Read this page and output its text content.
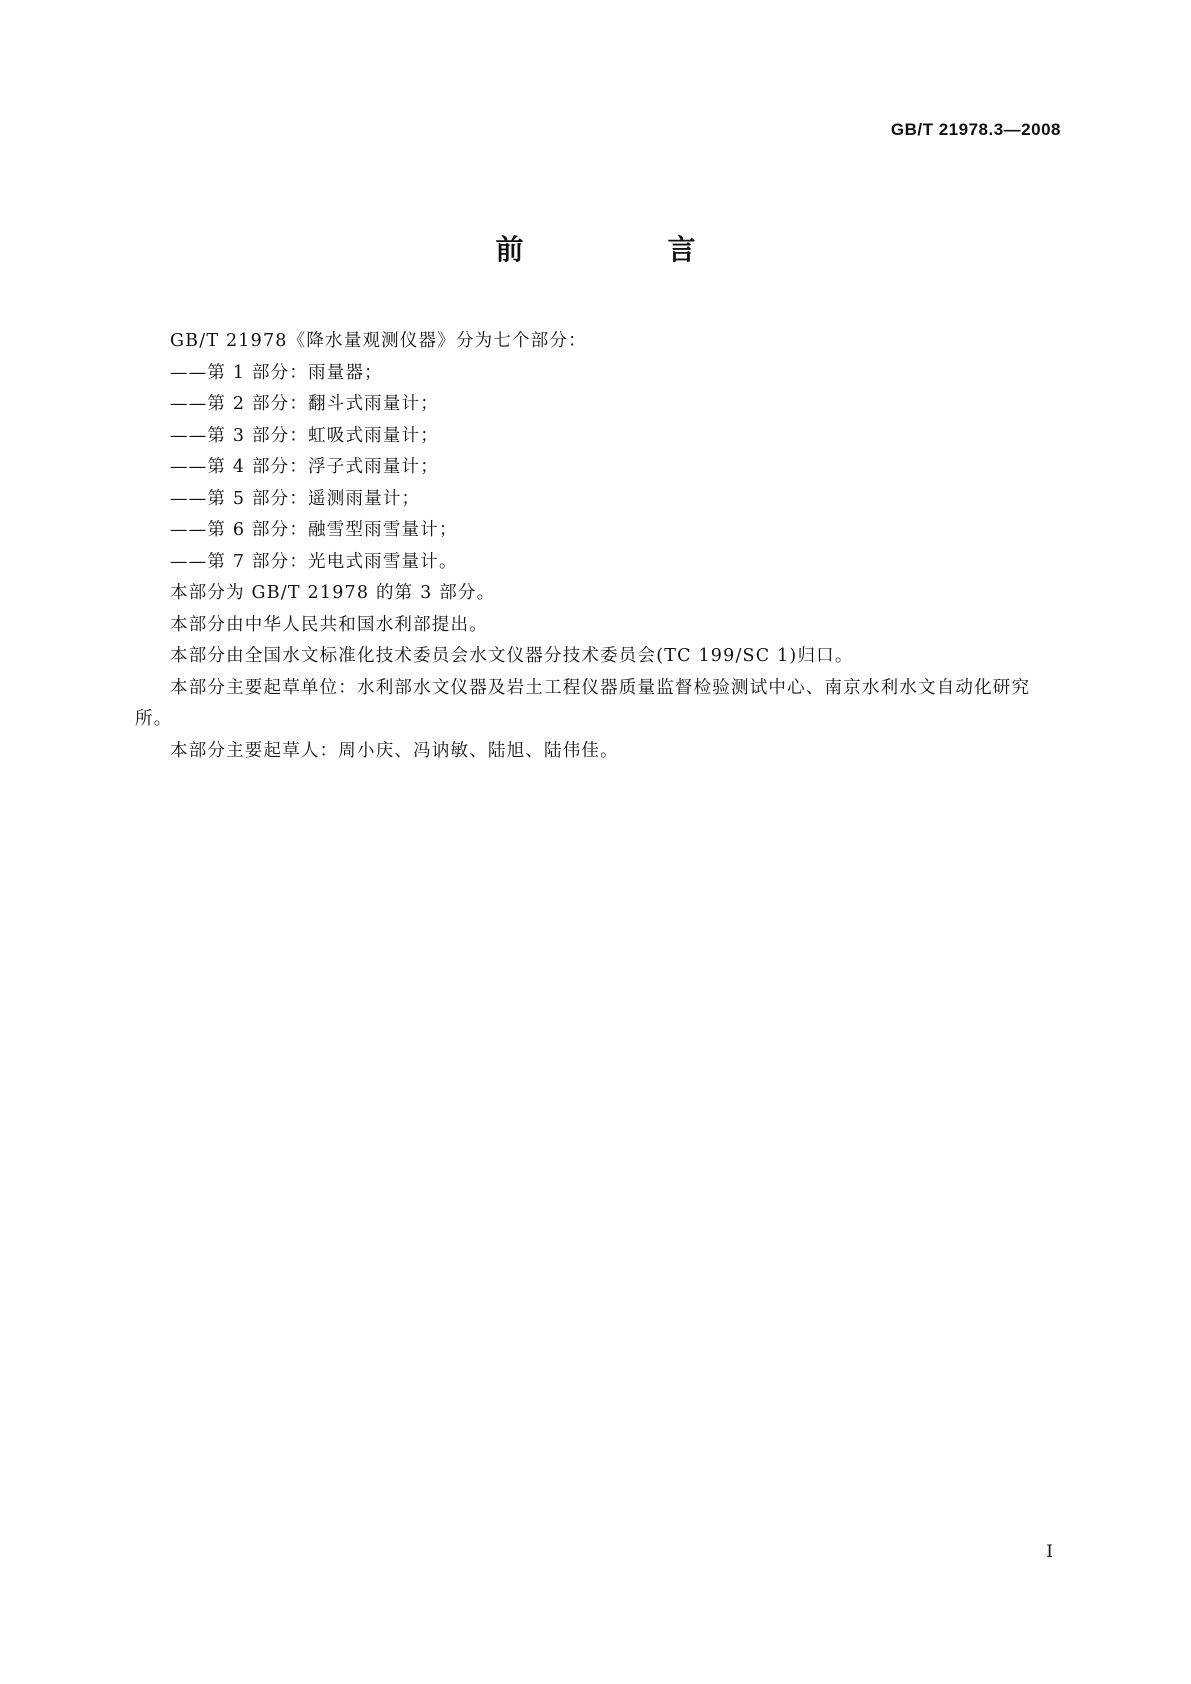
GB/T 21978.3—2008
前　言

GB/T 21978《降水量观测仪器》分为七个部分：

——第 1 部分：雨量器；

——第 2 部分：翻斗式雨量计；

——第 3 部分：虹吸式雨量计；

——第 4 部分：浮子式雨量计；

——第 5 部分：遥测雨量计；

——第 6 部分：融雪型雨雪量计；

——第 7 部分：光电式雨雪量计。

本部分为 GB/T 21978 的第 3 部分。

本部分由中华人民共和国水利部提出。

本部分由全国水文标准化技术委员会水文仪器分技术委员会(TC 199/SC 1)归口。

本部分主要起草单位：水利部水文仪器及岩土工程仪器质量监督检验测试中心、南京水利水文自动化研究所。

本部分主要起草人：周小庆、冯讷敏、陆旭、陆伟佳。

I
